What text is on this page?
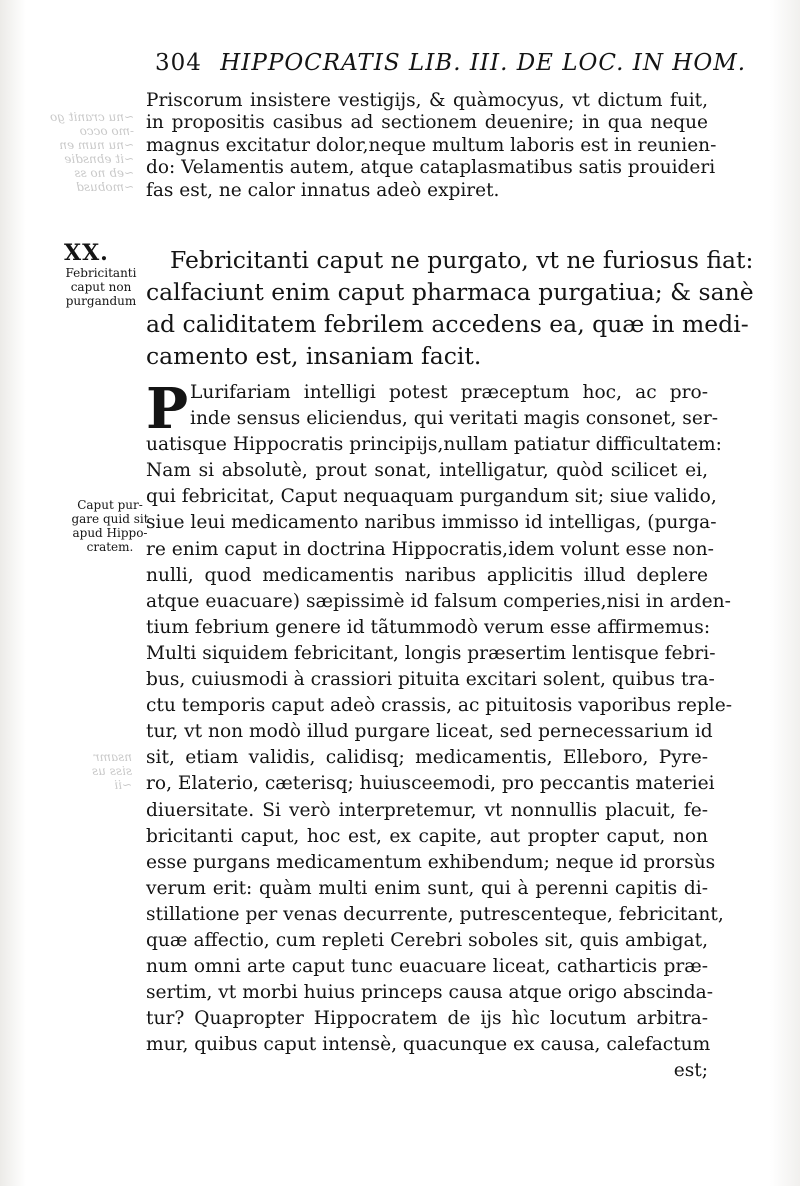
~nu cranit go
-mo occo
~nu num en
~it ebnsdie
~eb no ss
~mobusd
nsamr
siss us
~ii
304 HIPPOCRATIS LIB. III. DE LOC. IN HOM.
Priscorum insistere vestigijs, & quàmocyus, vt dictum fuit,
in propositis casibus ad sectionem deuenire; in qua neque
magnus excitatur dolor,neque multum laboris est in reunien-
do: Velamentis autem, atque cataplasmatibus satis prouideri
fas est, ne calor innatus adeò expiret.
XX.
Febricitanti
caput non
purgandum
Febricitanti caput ne purgato, vt ne furiosus fiat:
calfaciunt enim caput pharmaca purgatiua; & sanè
ad caliditatem febrilem accedens ea, quæ in medi-
camento est, insaniam facit.
Caput pur-
gare quid sit
apud Hippo-
cratem.
P Lurifariam intelligi potest præceptum hoc, ac pro-
inde sensus eliciendus, qui veritati magis consonet, ser-
uatisque Hippocratis principijs,nullam patiatur difficultatem:
Nam si absolutè, prout sonat, intelligatur, quòd scilicet ei,
qui febricitat, Caput nequaquam purgandum sit; siue valido,
siue leui medicamento naribus immisso id intelligas, (purga-
re enim caput in doctrina Hippocratis,idem volunt esse non-
nulli, quod medicamentis naribus applicitis illud deplere
atque euacuare) sæpissimè id falsum comperies,nisi in arden-
tium febrium genere id tãtummodò verum esse affirmemus:
Multi siquidem febricitant, longis præsertim lentisque febri-
bus, cuiusmodi à crassiori pituita excitari solent, quibus tra-
ctu temporis caput adeò crassis, ac pituitosis vaporibus reple-
tur, vt non modò illud purgare liceat, sed pernecessarium id
sit, etiam validis, calidisq; medicamentis, Elleboro, Pyre-
ro, Elaterio, cæterisq; huiusceemodi, pro peccantis materiei
diuersitate. Si verò interpretemur, vt nonnullis placuit, fe-
bricitanti caput, hoc est, ex capite, aut propter caput, non
esse purgans medicamentum exhibendum; neque id prorsùs
verum erit: quàm multi enim sunt, qui à perenni capitis di-
stillatione per venas decurrente, putrescenteque, febricitant,
quæ affectio, cum repleti Cerebri soboles sit, quis ambigat,
num omni arte caput tunc euacuare liceat, catharticis præ-
sertim, vt morbi huius princeps causa atque origo abscinda-
tur? Quapropter Hippocratem de ijs hìc locutum arbitra-
mur, quibus caput intensè, quacunque ex causa, calefactum
est;
